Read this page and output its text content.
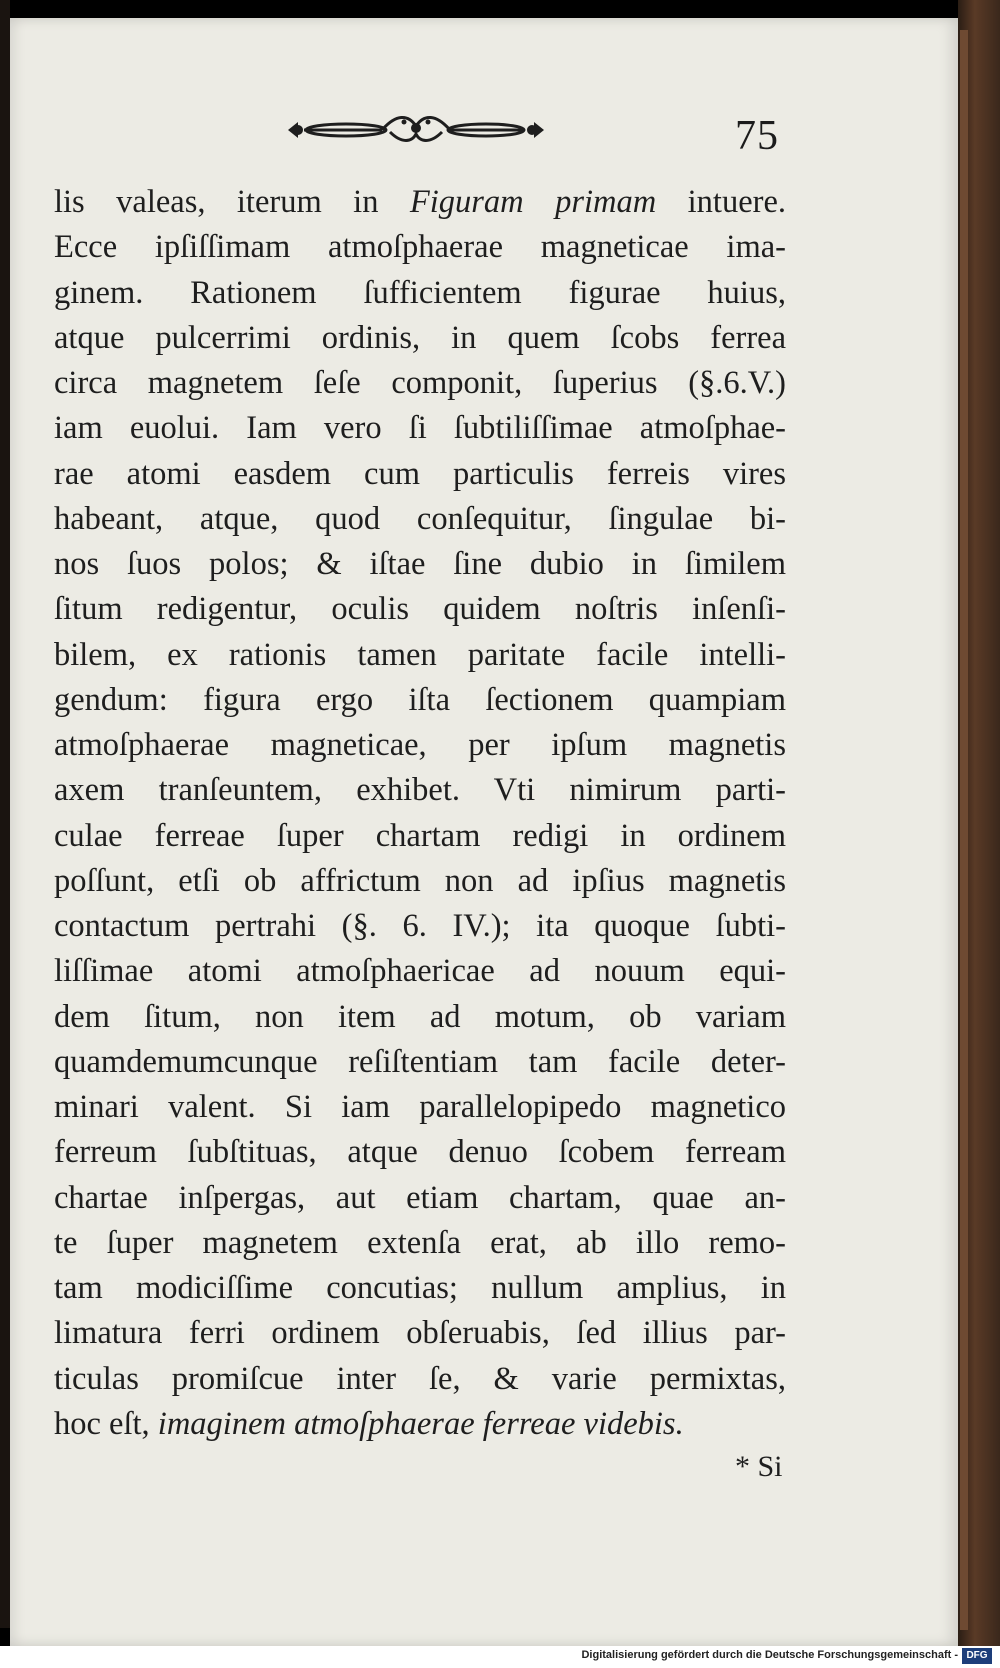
75
lis valeas, iterum in Figuram primam intuere.
Ecce ipſiſſimam atmoſphaerae magneticae ima-
ginem. Rationem ſufficientem figurae huius,
atque pulcerrimi ordinis, in quem ſcobs ferrea
circa magnetem ſeſe componit, ſuperius (§.6.V.)
iam euolui. Iam vero ſi ſubtiliſſimae atmoſphae-
rae atomi easdem cum particulis ferreis vires
habeant, atque, quod conſequitur, ſingulae bi-
nos ſuos polos; & iſtae ſine dubio in ſimilem
ſitum redigentur, oculis quidem noſtris inſenſi-
bilem, ex rationis tamen paritate facile intelli-
gendum: figura ergo iſta ſectionem quampiam
atmoſphaerae magneticae, per ipſum magnetis
axem tranſeuntem, exhibet. Vti nimirum parti-
culae ferreae ſuper chartam redigi in ordinem
poſſunt, etſi ob affrictum non ad ipſius magnetis
contactum pertrahi (§. 6. IV.); ita quoque ſubti-
liſſimae atomi atmoſphaericae ad nouum equi-
dem ſitum, non item ad motum, ob variam
quamdemumcunque reſiſtentiam tam facile deter-
minari valent. Si iam parallelopipedo magnetico
ferreum ſubſtituas, atque denuo ſcobem ferream
chartae inſpergas, aut etiam chartam, quae an-
te ſuper magnetem extenſa erat, ab illo remo-
tam modiciſſime concutias; nullum amplius, in
limatura ferri ordinem obſeruabis, ſed illius par-
ticulas promiſcue inter ſe, & varie permixtas,
hoc eſt, imaginem atmoſphaerae ferreae videbis.
* Si
Digitalisierung gefördert durch die Deutsche Forschungsgemeinschaft - DFG
